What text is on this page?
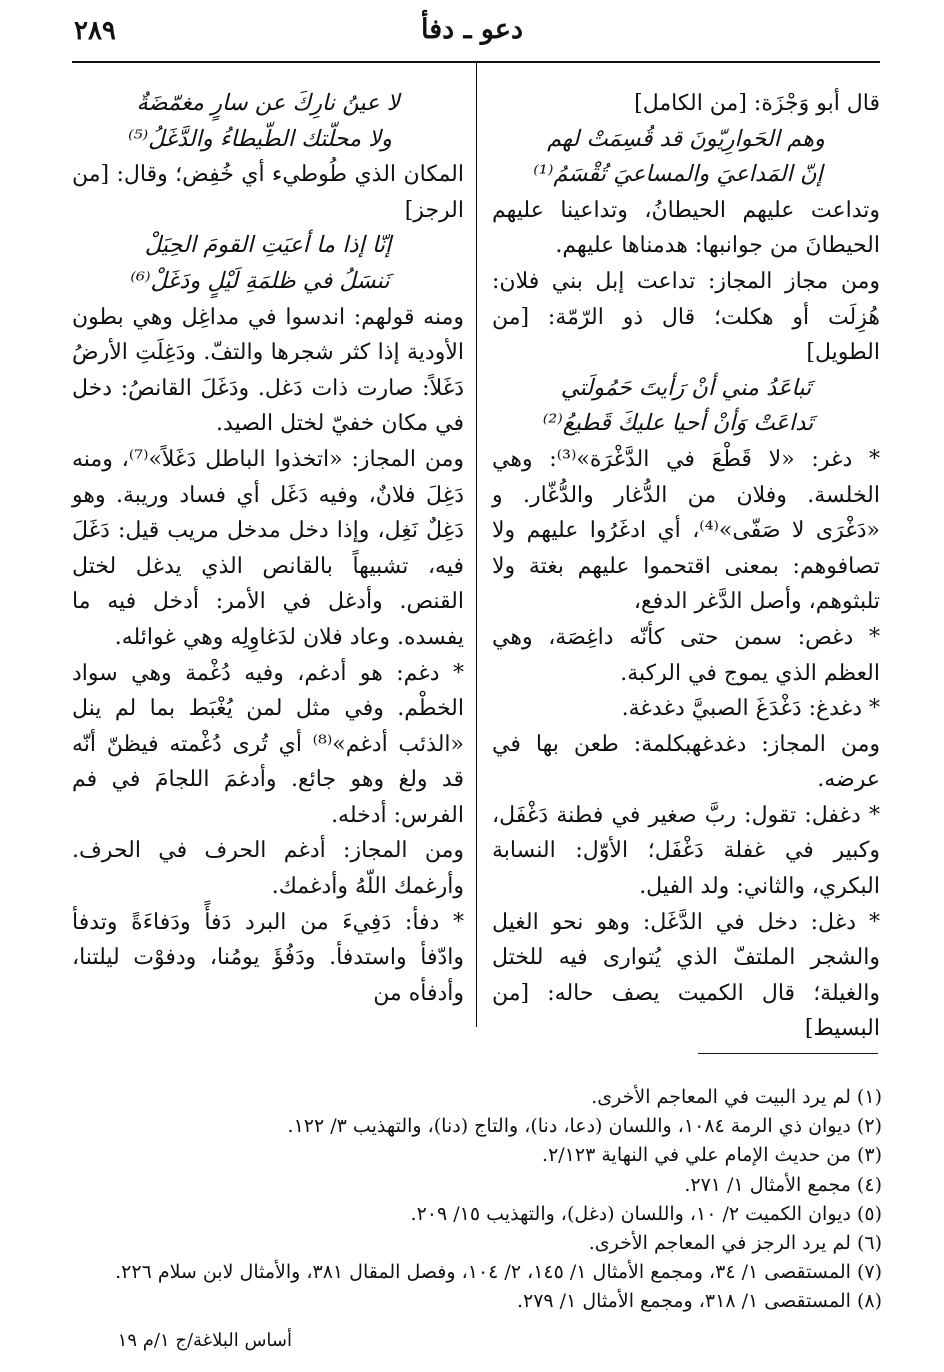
٢٨٩	دعو ـ دفأ

قال أبو وَجْزَة: [من الكامل]

وهم الحَوارِيّونَ قد قُسِمَتْ لهم

إنّ المَداعيَ والمساعيَ تُقْسَمُ⁽¹⁾

وتداعت عليهم الحيطانُ، وتداعينا عليهم الحيطانَ من جوانبها: هدمناها عليهم.

ومن مجاز المجاز: تداعت إبل بني فلان: هُزِلَت أو هكلت؛ قال ذو الرّمّة: [من الطويل]

تَباعَدُ مني أنْ رَأيتَ حَمُولَتي

تَداعَتْ وَأنْ أحيا عليكَ قَطيعُ⁽²⁾

* دغر: «لا قَطْعَ في الدَّغْرَة»⁽³⁾: وهي الخلسة. وفلان من الدُّغار والدُّغّار. و «دَغْرَى لا صَفّى»⁽⁴⁾، أي ادغَرُوا عليهم ولا تصافوهم: بمعنى اقتحموا عليهم بغتة ولا تلبثوهم، وأصل الدَّغر الدفع،

* دغص: سمن حتى كأنّه داغِصَة، وهي العظم الذي يموج في الركبة.

* دغدغ: دَغْدَغَ الصبيَّ دغدغة.

ومن المجاز: دغدغهبكلمة: طعن بها في عرضه.

* دغفل: تقول: ربَّ صغير في فطنة دَغْفَل، وكبير في غفلة دَغْفَل؛ الأوّل: النسابة البكري، والثاني: ولد الفيل.

* دغل: دخل في الدَّغَل: وهو نحو الغيل والشجر الملتفّ الذي يُتوارى فيه للختل والغيلة؛ قال الكميت يصف حاله: [من البسيط]

لا عينُ نارِكَ عن سارٍ مغمّضَةٌ

ولا محلّتك الطّيطاءُ والدَّغَلُ⁽⁵⁾

المكان الذي طُوطيء أي خُفِض؛ وقال: [من الرجز]

إنّا إذا ما أعيَتِ القومَ الحِيَلْ

نَنسَلُ في ظلمَةِ لَيْلٍ ودَغَلْ⁽⁶⁾

ومنه قولهم: اندسوا في مداغِل وهي بطون الأودية إذا كثر شجرها والتفّ. ودَغِلَتِ الأرضُ دَغَلاً: صارت ذات دَغل. ودَغَلَ القانصُ: دخل في مكان خفيّ لختل الصيد.

ومن المجاز: «اتخذوا الباطل دَغَلاً»⁽⁷⁾، ومنه دَغِلَ فلانٌ، وفيه دَغَل أي فساد وريبة. وهو دَغِلٌ نَغِل، وإذا دخل مدخل مريب قيل: دَغَلَ فيه، تشبيهاً بالقانص الذي يدغل لختل القنص. وأدغل في الأمر: أدخل فيه ما يفسده. وعاد فلان لدَغاوِلِه وهي غوائله.

* دغم: هو أدغم، وفيه دُغْمة وهي سواد الخطْم. وفي مثل لمن يُغْبَط بما لم ينل «الذئب أدغم»⁽⁸⁾ أي تُرى دُغْمته فيظنّ أنّه قد ولغ وهو جائع. وأدغمَ اللجامَ في فم الفرس: أدخله.

ومن المجاز: أدغم الحرف في الحرف. وأرغمك اللّهُ وأدغمك.

* دفأ: دَفِيءَ من البرد دَفأً ودَفاءَةً وتدفأ وادّفأ واستدفأ. ودَفُؤَ يومُنا، ودفوْت ليلتنا، وأدفأه من

(١) لم يرد البيت في المعاجم الأخرى.
(٢) ديوان ذي الرمة ١٠٨٤، واللسان (دعا، دنا)، والتاج (دنا)، والتهذيب ٣/ ١٢٢.
(٣) من حديث الإمام علي في النهاية ٢/١٢٣.
(٤) مجمع الأمثال ١/ ٢٧١.
(٥) ديوان الكميت ٢/ ١٠، واللسان (دغل)، والتهذيب ١٥/ ٢٠٩.
(٦) لم يرد الرجز في المعاجم الأخرى.
(٧) المستقصى ١/ ٣٤، ومجمع الأمثال ١/ ١٤٥، ٢/ ١٠٤، وفصل المقال ٣٨١، والأمثال لابن سلام ٢٢٦.
(٨) المستقصى ١/ ٣١٨، ومجمع الأمثال ١/ ٢٧٩.
أساس البلاغة/ج ١/م ١٩
